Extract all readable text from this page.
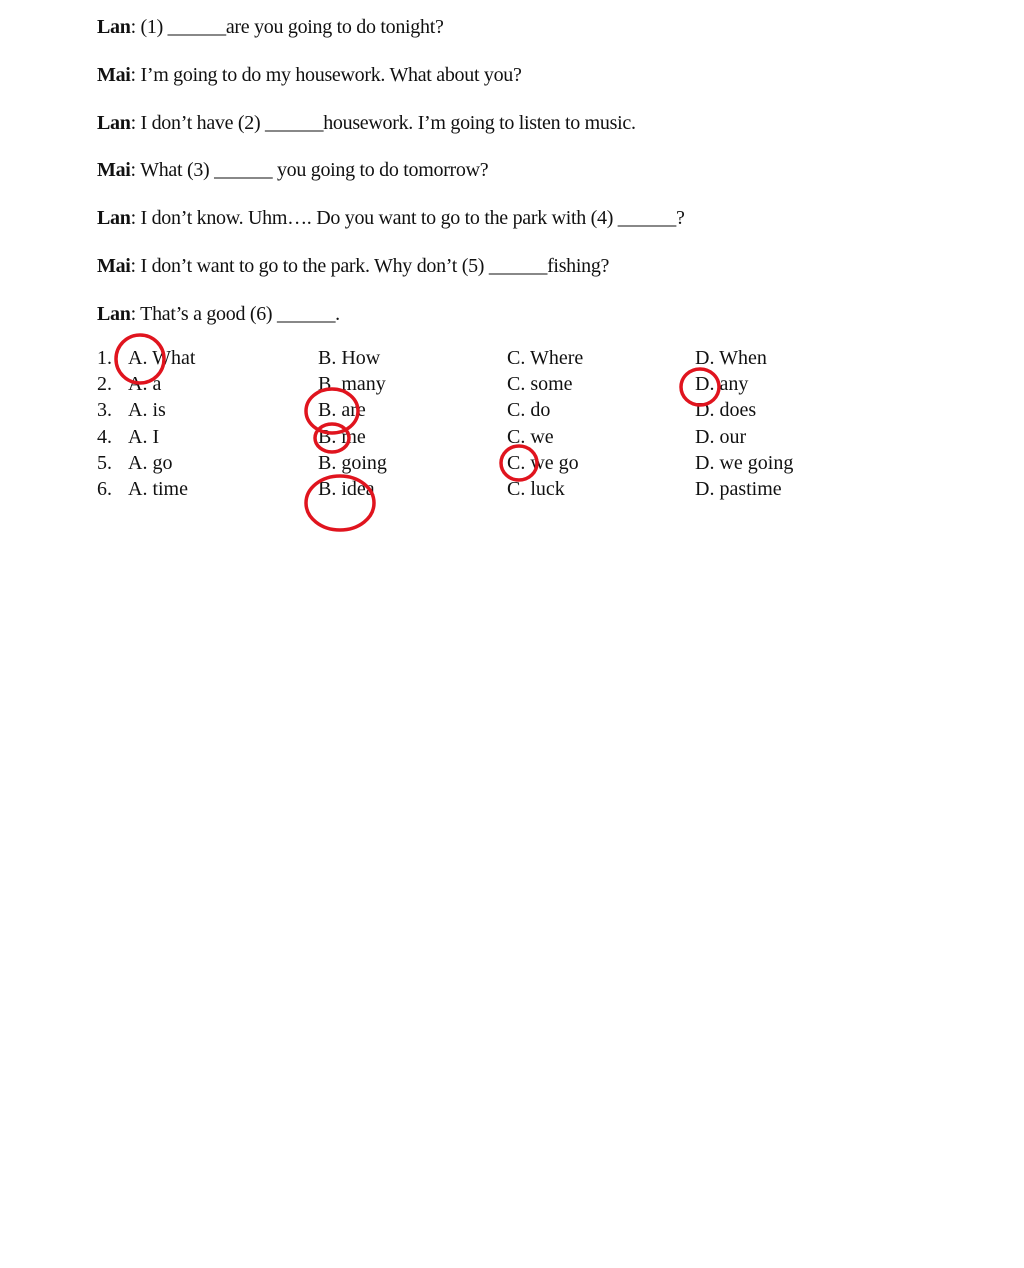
Lan: (1) ______are you going to do tonight?
Mai: I’m going to do my housework. What about you?
Lan: I don’t have (2) ______housework. I’m going to listen to music.
Mai: What (3) ______ you going to do tomorrow?
Lan: I don’t know. Uhm…. Do you want to go to the park with (4) ______?
Mai: I don’t want to go to the park. Why don’t (5) ______fishing?
Lan: That’s a good (6) ______.
1. A. What	B. How	C. Where	D. When
2. A. a	B. many	C. some	D. any
3. A. is	B. are	C. do	D. does
4. A. I	B. me	C. we	D. our
5. A. go	B. going	C. we go	D. we going
6. A. time	B. idea	C. luck	D. pastime
